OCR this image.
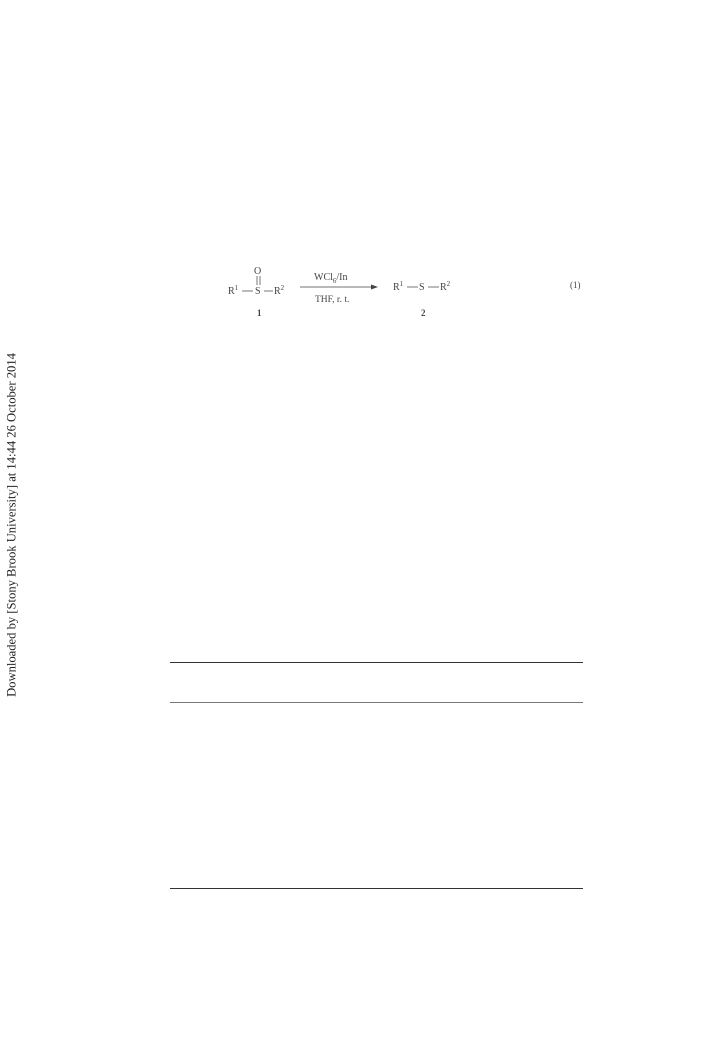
Downloaded by [Stony Brook University] at 14:44 26 October 2014
$R^1$ S
O
$R^2$
1
WCl$_6$/In
THF, r. t.
$R^1$ S $R^2$
2
(1)
